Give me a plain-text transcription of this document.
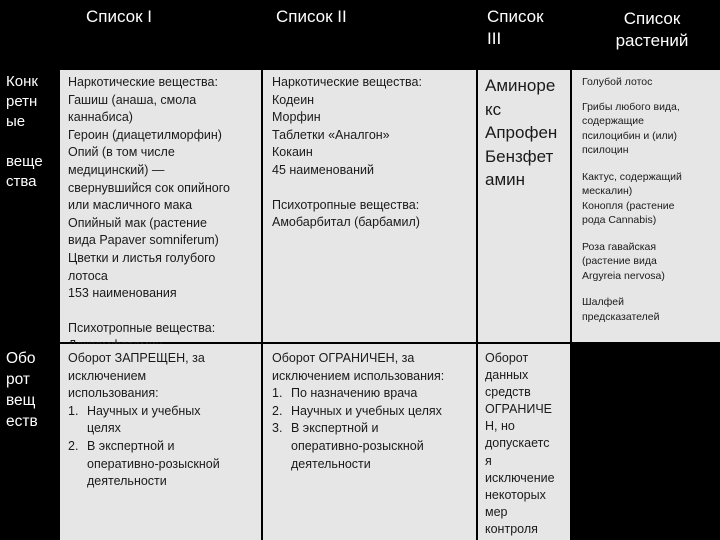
Список I	Список II	Список
III
Список
растений
Конк
ретн
ые
веще
ства
Наркотические вещества:
Гашиш (анаша, смола
каннабиса)
Героин (диацетилморфин)
Опий (в том числе
медицинский) —
свернувшийся сок опийного
или масличного мака
Опийный мак (растение
вида Papaver somniferum)
Цветки и листья голубого
лотоса
153 наименования
Психотропные вещества:
Наркотические вещества:
Кодеин
Морфин
Таблетки «Аналгон»
Кокаин
45 наименований
Психотропные вещества:
Амобарбитал (барбамил)
Аминоре
кс
Апрофен
Бензфет
амин
Голубой лотос
Грибы любого вида,
содержащие
псилоцибин и (или)
псилоцин
Кактус, содержащий
мескалин)
Конопля (растение
рода Cannabis)
Роза гавайская
(растение вида
Argyreia nervosa)
Шалфей
предсказателей
Обо
рот
вещ
еств
Оборот ЗАПРЕЩЕН, за
исключением
использования:
1. Научных и учебных
целях
2. В экспертной и
оперативно-розыскной
деятельности
Оборот ОГРАНИЧЕН, за
исключением использования:
1. По назначению врача
2. Научных и учебных целях
3. В экспертной и
оперативно-розыскной
деятельности
Оборот
данных
средств
ОГРАНИЧЕ
Н, но
допускаетс
я
исключение
некоторых
мер
контроля
